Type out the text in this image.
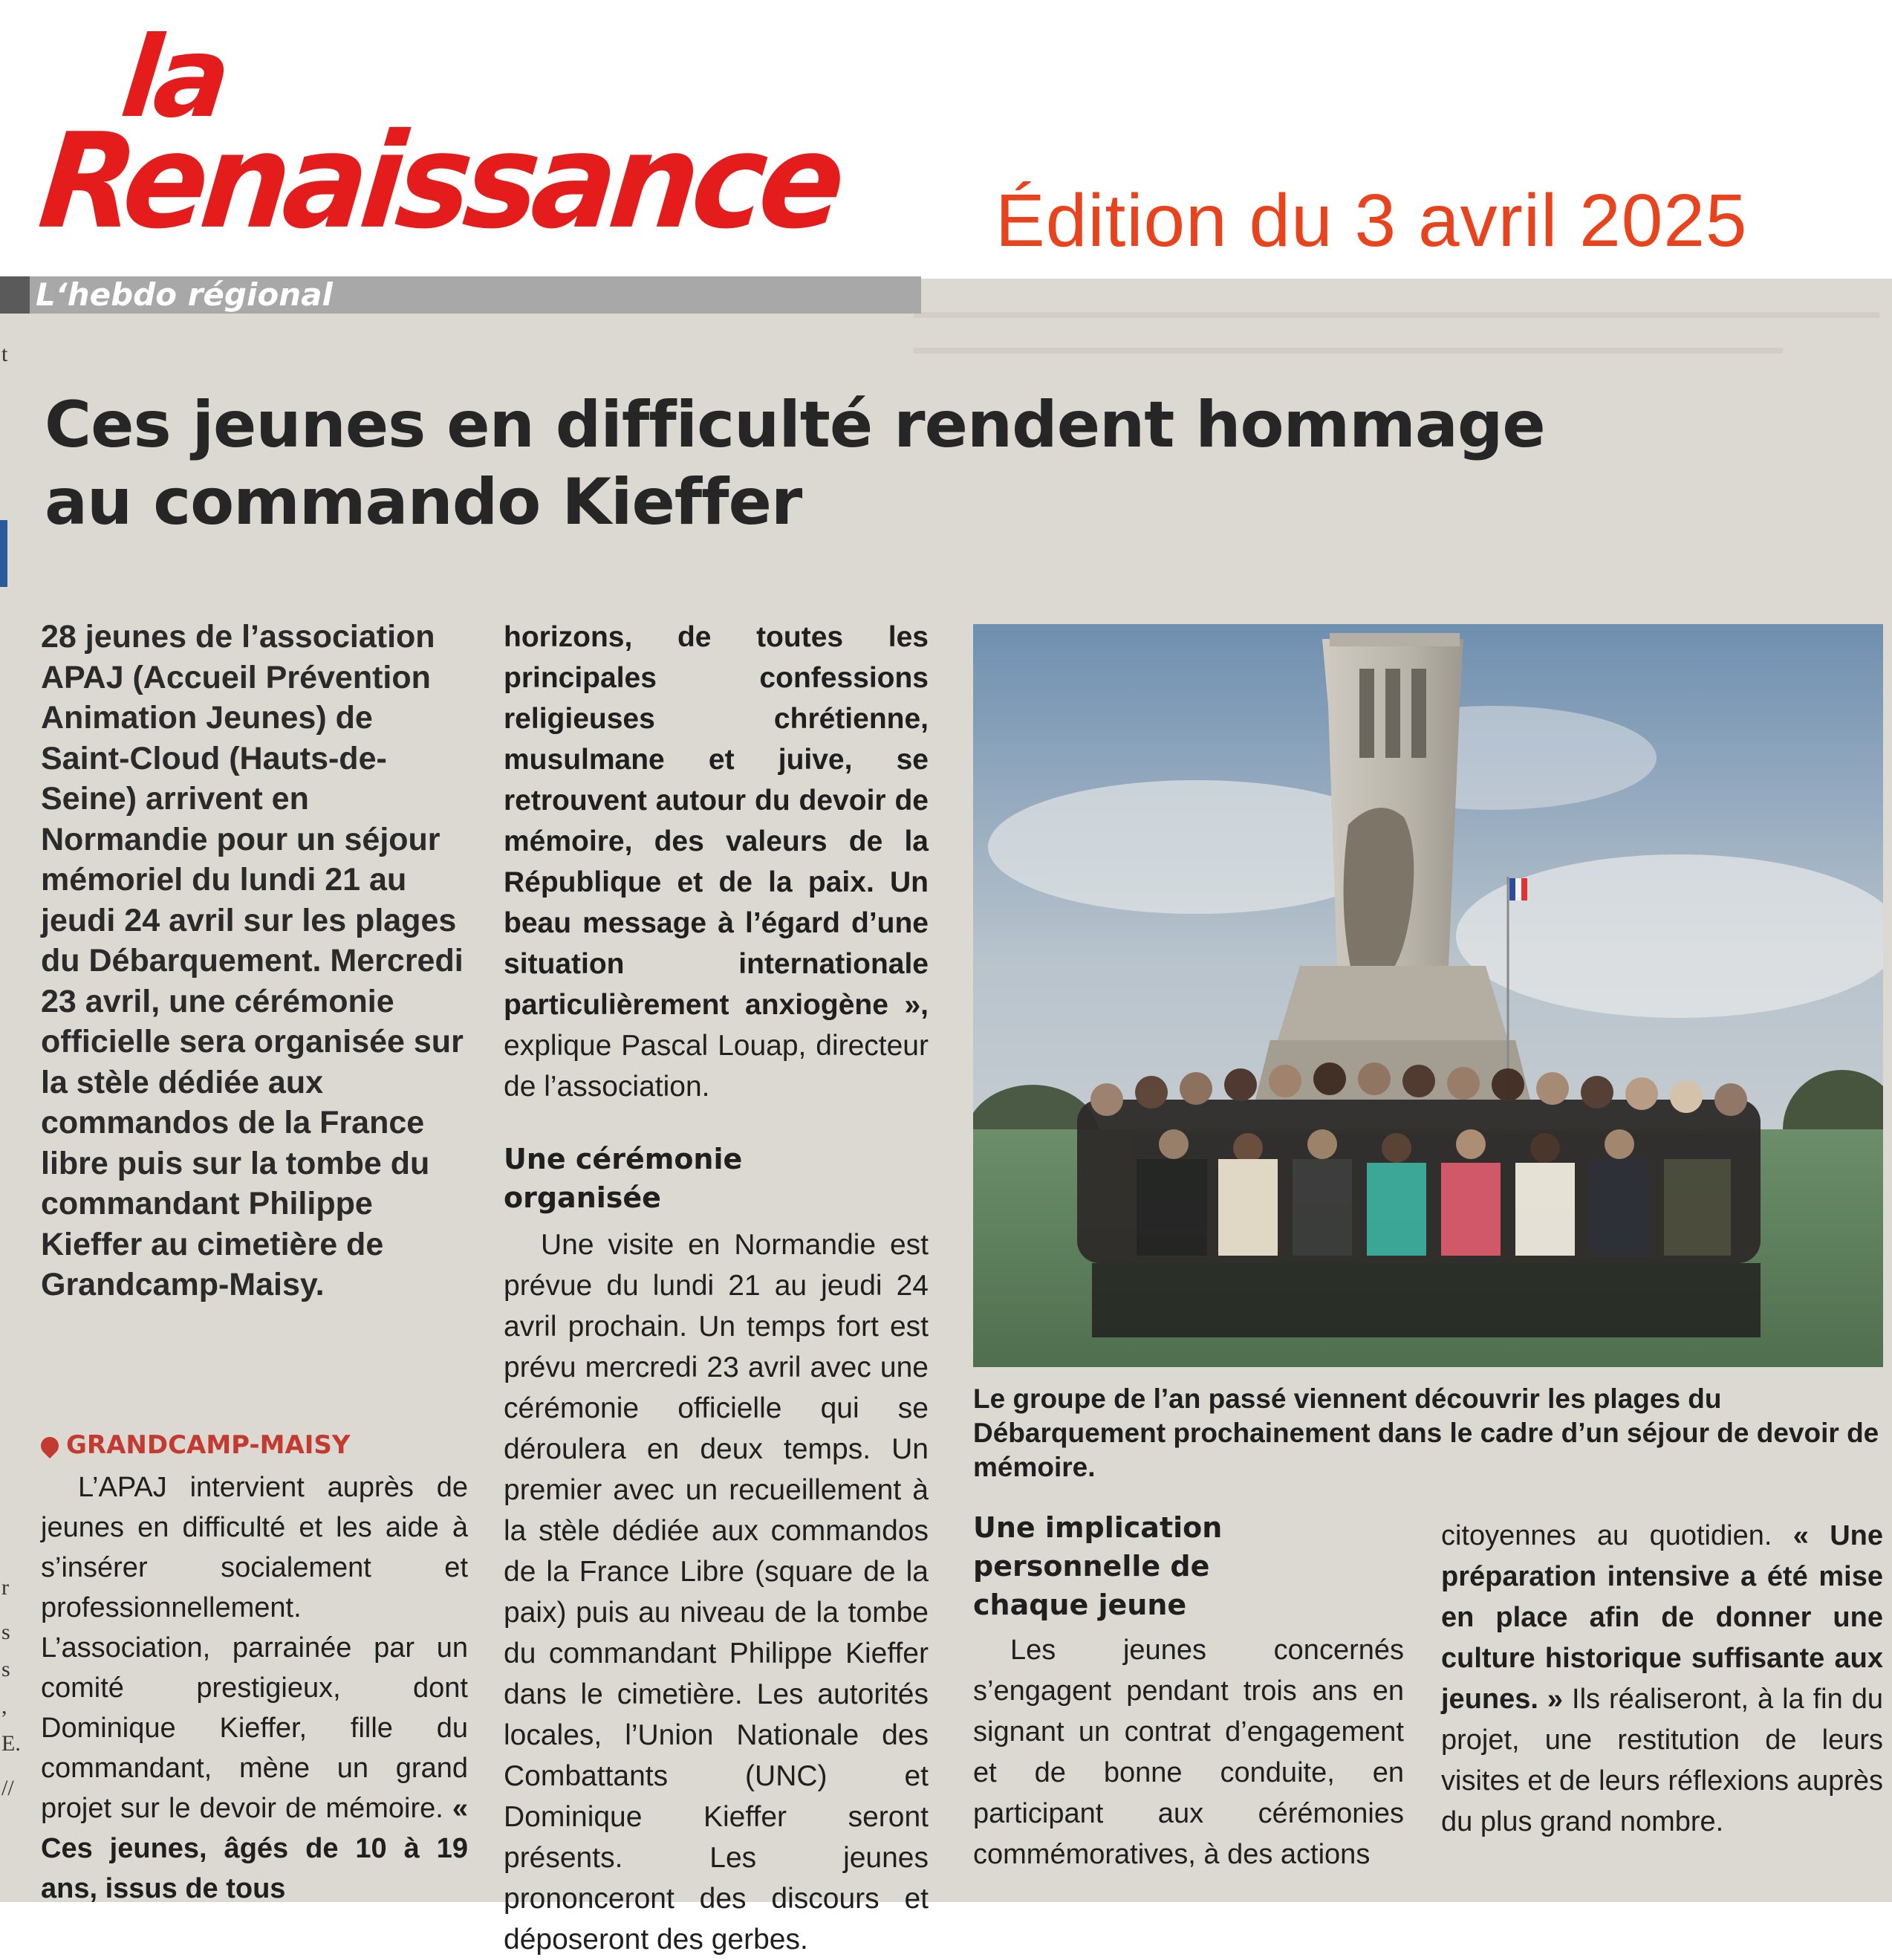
la
Renaissance Édition du 3 avril 2025
L‘hebdo régional
t
r
s
s
,
E.
//
Ces jeunes en difficulté rendent hommage
au commando Kieffer

28 jeunes de l’association APAJ (Accueil Prévention Animation Jeunes) de Saint-Cloud (Hauts-de-Seine) arrivent en Normandie pour un séjour mémoriel du lundi 21 au jeudi 24 avril sur les plages du Débarquement. Mercredi 23 avril, une cérémonie officielle sera organisée sur la stèle dédiée aux commandos de la France libre puis sur la tombe du commandant Philippe Kieffer au cimetière de Grandcamp-Maisy.

GRANDCAMP-MAISY

L’APAJ intervient auprès de jeunes en difficulté et les aide à s’insérer socialement et professionnellement. L’association, parrainée par un comité prestigieux, dont Dominique Kieffer, fille du commandant, mène un grand projet sur le devoir de mémoire. « Ces jeunes, âgés de 10 à 19 ans, issus de tous

horizons, de toutes les principales confessions religieuses chrétienne, musulmane et juive, se retrouvent autour du devoir de mémoire, des valeurs de la République et de la paix. Un beau message à l’égard d’une situation internationale particulièrement anxiogène », explique Pascal Louap, directeur de l’association.

Une cérémonie organisée

Une visite en Normandie est prévue du lundi 21 au jeudi 24 avril prochain. Un temps fort est prévu mercredi 23 avril avec une cérémonie officielle qui se déroulera en deux temps. Un premier avec un recueillement à la stèle dédiée aux commandos de la France Libre (square de la paix) puis au niveau de la tombe du commandant Philippe Kieffer dans le cimetière. Les autorités locales, l’Union Nationale des Combattants (UNC) et Dominique Kieffer seront présents. Les jeunes prononceront des discours et déposeront des gerbes.

Le groupe de l’an passé viennent découvrir les plages du Débarquement prochainement dans le cadre d’un séjour de devoir de mémoire.
Une implication personnelle de chaque jeune

Les jeunes concernés s’engagent pendant trois ans en signant un contrat d’engagement et de bonne conduite, en participant aux cérémonies commémoratives, à des actions

citoyennes au quotidien. « Une préparation intensive a été mise en place afin de donner une culture historique suffisante aux jeunes. » Ils réaliseront, à la fin du projet, une restitution de leurs visites et de leurs réflexions auprès du plus grand nombre.
